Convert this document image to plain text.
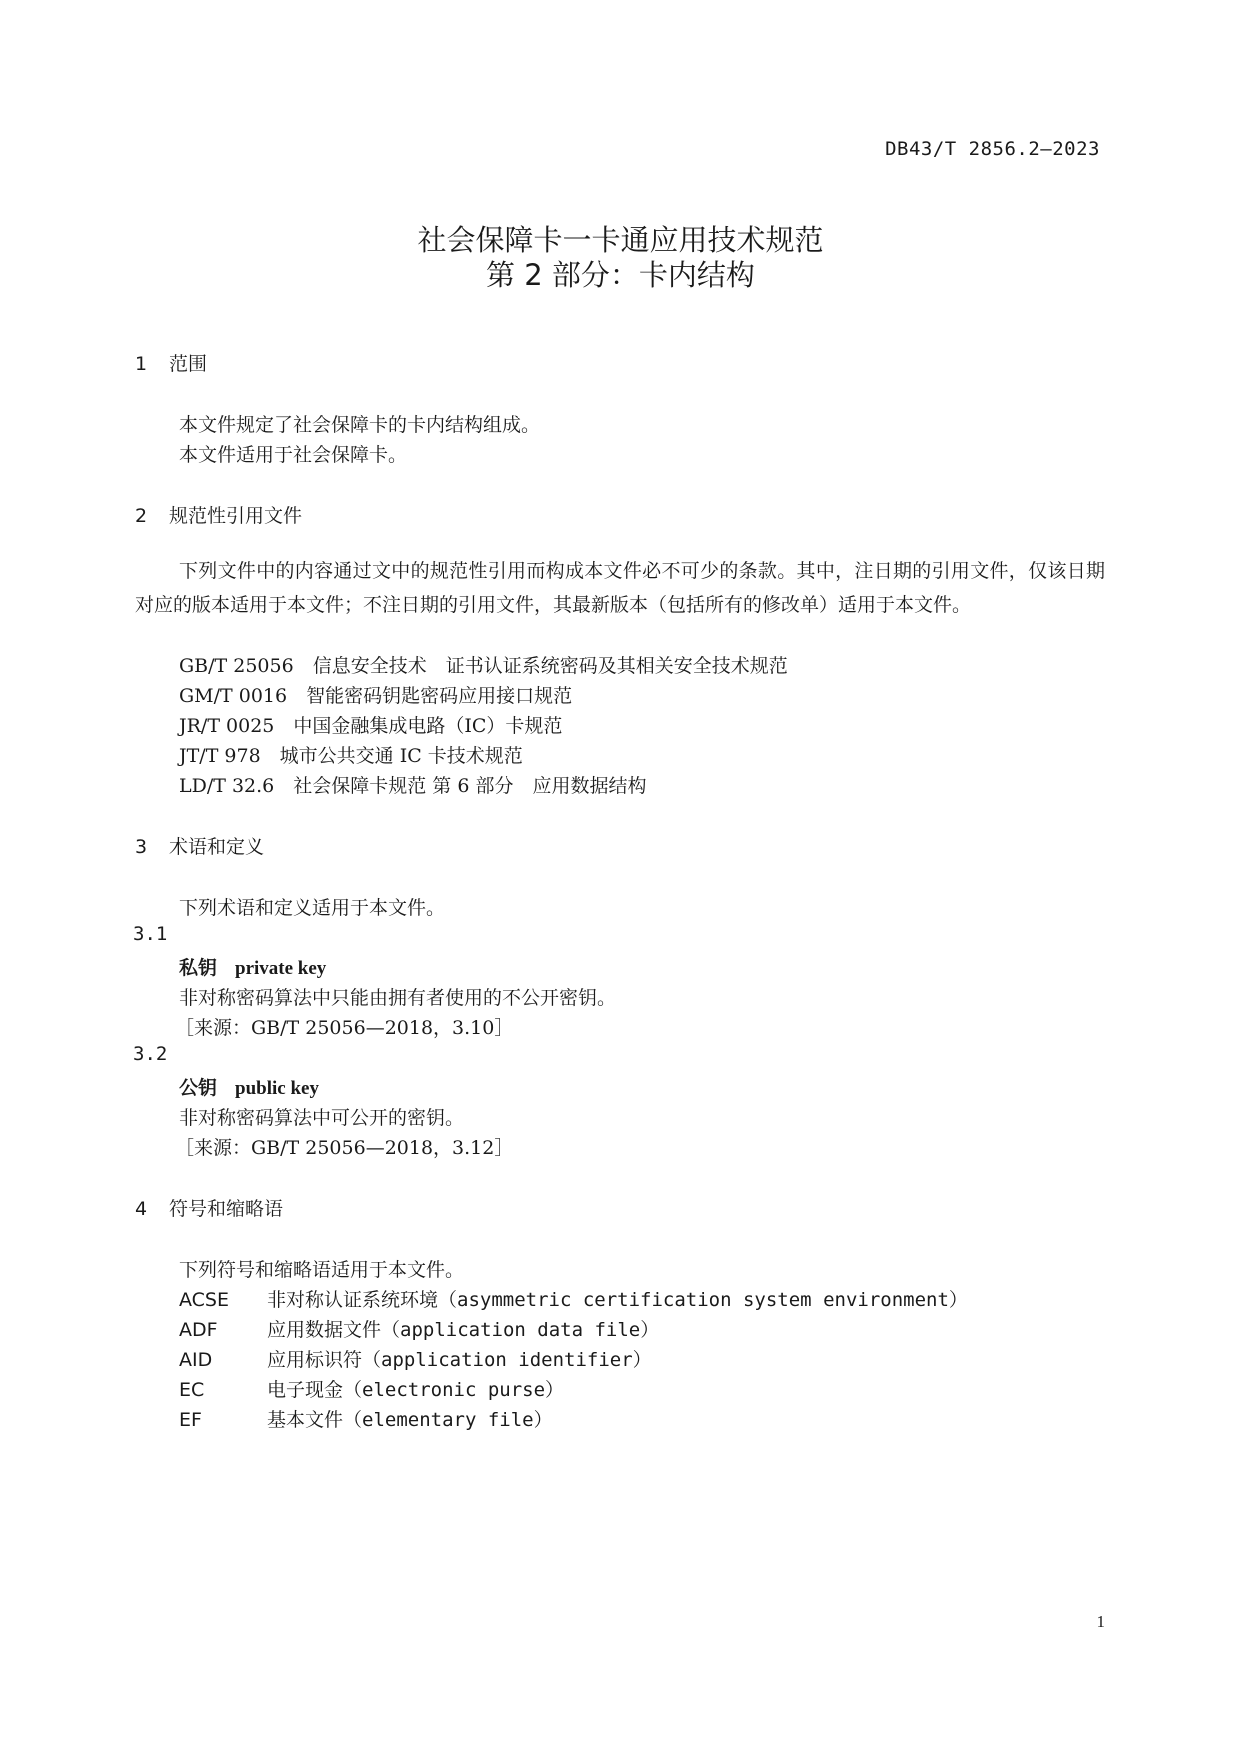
DB43/T 2856.2—2023
社会保障卡一卡通应用技术规范
第 2 部分：卡内结构
1 范围
本文件规定了社会保障卡的卡内结构组成。
本文件适用于社会保障卡。
2 规范性引用文件
下列文件中的内容通过文中的规范性引用而构成本文件必不可少的条款。其中，注日期的引用文件，仅该日期对应的版本适用于本文件；不注日期的引用文件，其最新版本（包括所有的修改单）适用于本文件。
GB/T 25056　信息安全技术　证书认证系统密码及其相关安全技术规范
GM/T 0016　智能密码钥匙密码应用接口规范
JR/T 0025　中国金融集成电路（IC）卡规范
JT/T 978　城市公共交通 IC 卡技术规范
LD/T 32.6　社会保障卡规范 第 6 部分　应用数据结构
3 术语和定义
下列术语和定义适用于本文件。
3.1
私钥 private key
非对称密码算法中只能由拥有者使用的不公开密钥。
［来源：GB/T 25056—2018，3.10］
3.2
公钥 public key
非对称密码算法中可公开的密钥。
［来源：GB/T 25056—2018，3.12］
4 符号和缩略语
下列符号和缩略语适用于本文件。
ACSE 非对称认证系统环境（asymmetric certification system environment）
ADF	应用数据文件（application data file）
AID	应用标识符（application identifier）
EC	电子现金（electronic purse）
EF	基本文件（elementary file）
1
